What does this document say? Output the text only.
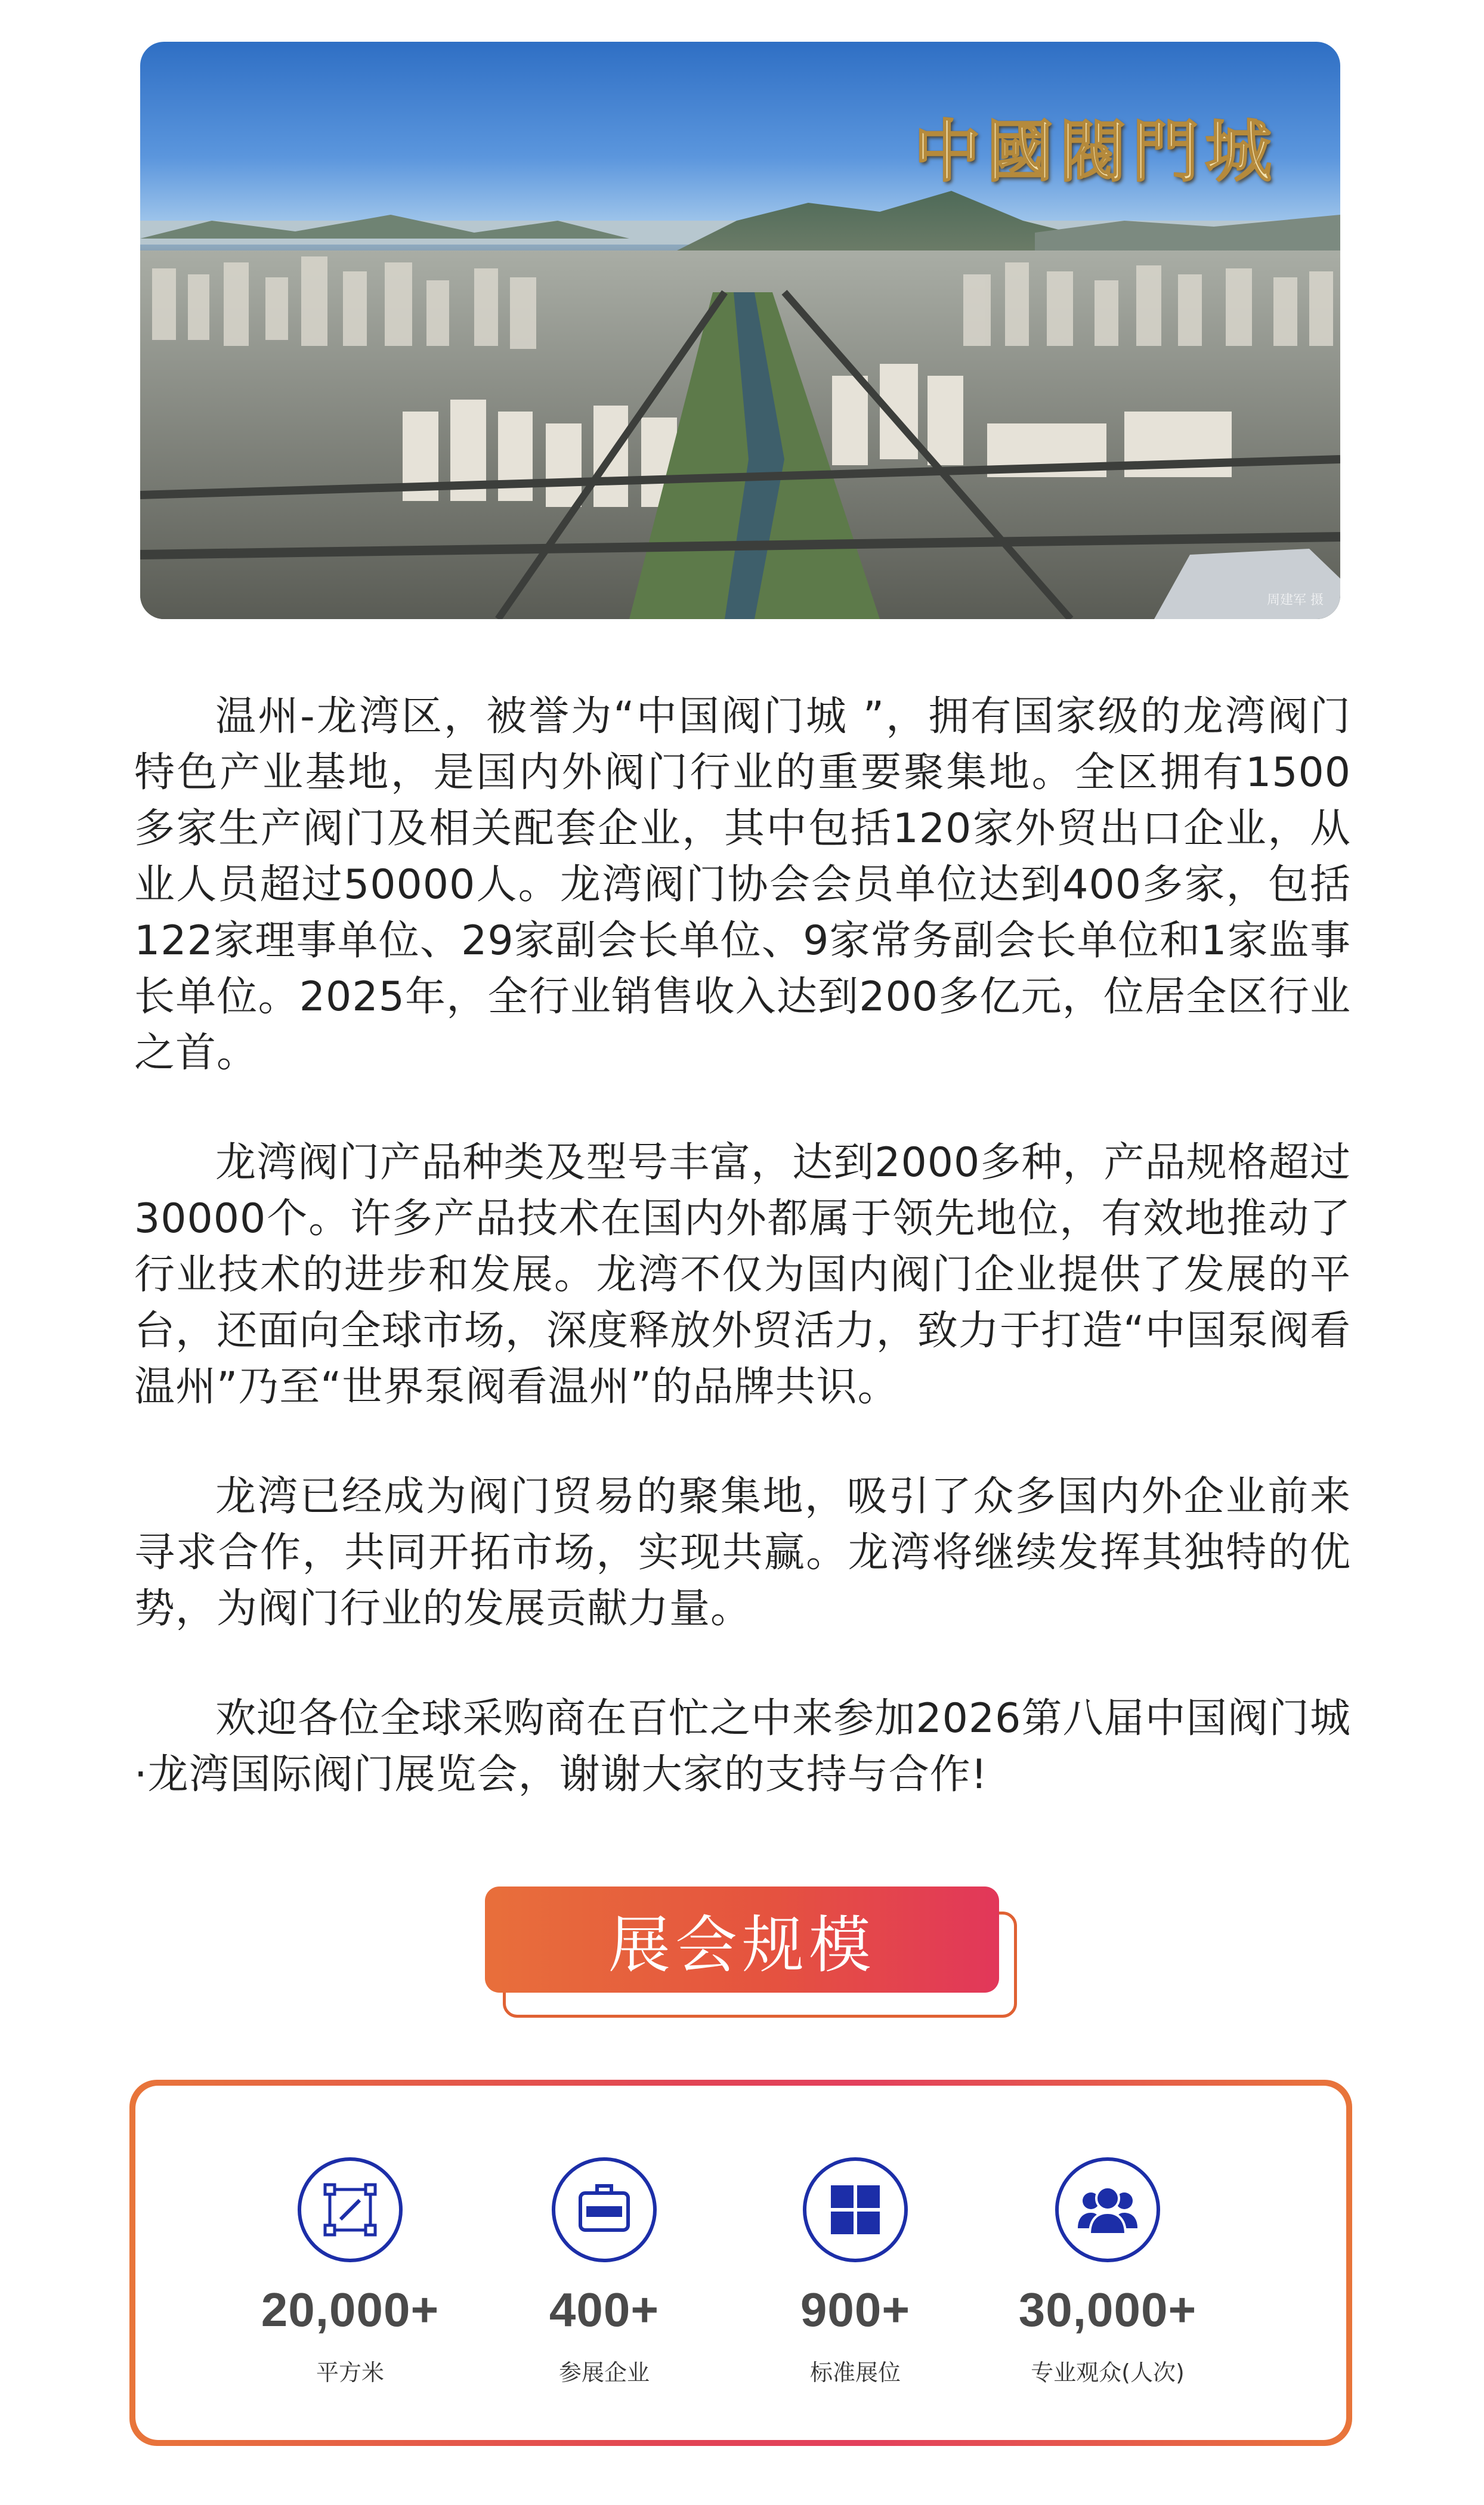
中國閥門城
周建军 摄

温州-龙湾区，被誉为“中国阀门城 ”，拥有国家级的龙湾阀门特色产业基地，是国内外阀门行业的重要聚集地。全区拥有1500多家生产阀门及相关配套企业，其中包括120家外贸出口企业，从业人员超过50000人。龙湾阀门协会会员单位达到400多家，包括122家理事单位、29家副会长单位、9家常务副会长单位和1家监事长单位。2025年，全行业销售收入达到200多亿元，位居全区行业之首。

龙湾阀门产品种类及型号丰富，达到2000多种，产品规格超过30000个。许多产品技术在国内外都属于领先地位，有效地推动了行业技术的进步和发展。龙湾不仅为国内阀门企业提供了发展的平台，还面向全球市场，深度释放外贸活力，致力于打造“中国泵阀看温州”乃至“世界泵阀看温州”的品牌共识。

龙湾已经成为阀门贸易的聚集地，吸引了众多国内外企业前来寻求合作，共同开拓市场，实现共赢。龙湾将继续发挥其独特的优势，为阀门行业的发展贡献力量。

欢迎各位全球采购商在百忙之中来参加2026第八届中国阀门城·龙湾国际阀门展览会，谢谢大家的支持与合作!

展会规模
20,000+
平方米
400+
参展企业
900+
标准展位
30,000+
专业观众(人次)
